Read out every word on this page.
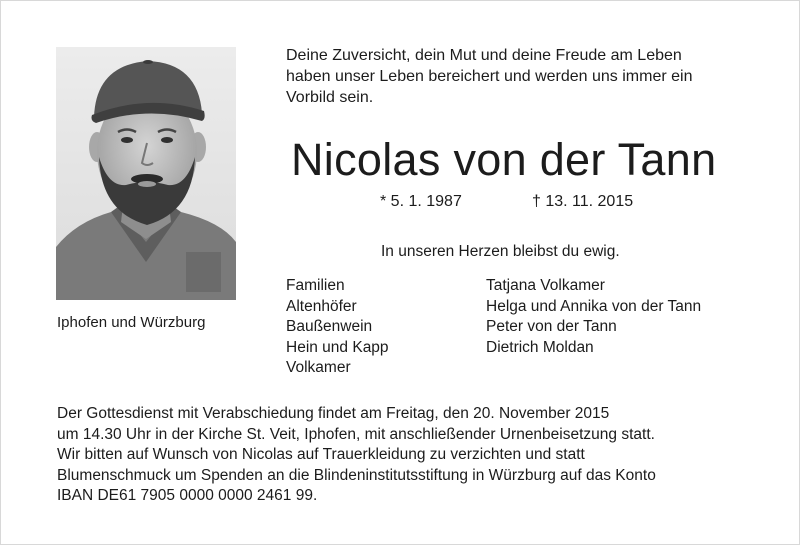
Iphofen und Würzburg
Deine Zuversicht, dein Mut und deine Freude am Leben
haben unser Leben bereichert und werden uns immer ein
Vorbild sein.
Nicolas von der Tann
* 5. 1. 1987	† 13. 11. 2015
In unseren Herzen bleibst du ewig.
Familien
Altenhöfer
Baußenwein
Hein und Kapp
Volkamer
Tatjana Volkamer
Helga und Annika von der Tann
Peter von der Tann
Dietrich Moldan
Der Gottesdienst mit Verabschiedung findet am Freitag, den 20. November 2015
um 14.30 Uhr in der Kirche St. Veit, Iphofen, mit anschließender Urnenbeisetzung statt.
Wir bitten auf Wunsch von Nicolas auf Trauerkleidung zu verzichten und statt
Blumenschmuck um Spenden an die Blindeninstitutsstiftung in Würzburg auf das Konto
IBAN DE61 7905 0000 0000 2461 99.
